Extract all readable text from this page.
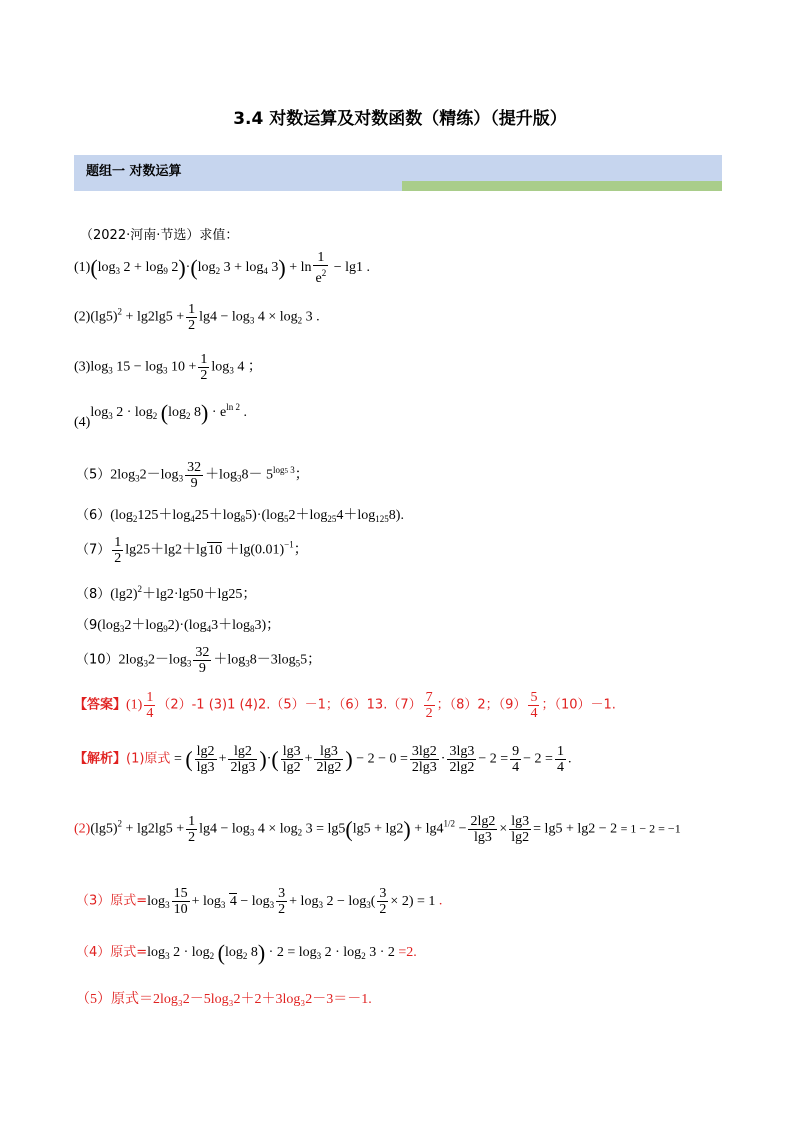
3.4 对数运算及对数函数（精练）（提升版）
题组一 对数运算
（2022·河南·节选）求值：
$(1)(\log_3$ $2 + \log_9 2)\cdot(\log_2$ $3 + \log_4 3) + \ln \frac{1}{e^2} - \lg 1$ .
$(2)(\lg 5)^2 + \lg 2\lg 5 + \frac{1}{2} \lg 4 - \log_3 4 \times \log_2 3$ .
$(3)\log_3$ $15 - \log_3 10 + \frac{1}{2} \log_3 4$ ；
$(4)\log_3$ $2 \cdot \log_2 (\log_2$ $8) \cdot e^{ln 2}$ .
$(5)2\log_32-\log_3 \frac{32}{9} +\log_38- 5^{log5 3}$；
$(6)(\log_2125+\log_425+\log_85)\cdot(\log_52+\log_{25}4+\log_{125}8)$.
$(7) \frac{1}{2} \lg 25+\lg 2+\lg 10 +\lg(0.01)^{-1}$；
$(8)(\lg 2)^2+\lg 2\cdot\lg 50+\lg 25$；
（$9(\log_32+\log_92)\cdot(\log_43+\log_83)$；
$(10)2\log_32-\log_3 \frac{32}{9} +\log_38-3\log_55$；
【答案】$(1) \frac{1}{4} (2)-1$ (3)1 (4)2.（5）－1；$(6)13.(7) \frac{7}{2}$ ；（8）2；$(9) \frac{5}{4}$ ；（10）－1.
【解析】(1)原式 = ( $\frac{\lg 2}{\lg 3} + \frac{\lg 2}{2\lg 3}$ )·( $\frac{\lg 3}{\lg 2} + \frac{\lg 3}{2\lg 2}$ ) − $2 - 0 = \frac{3\lg 2}{2\lg 3} \cdot \frac{3\lg 3}{2\lg 2} - 2 = \frac{9}{4} - 2 = \frac{1}{4}$ .
$(2)(\lg 5)^2 + \lg 2\lg 5 + \frac{1}{2} \lg 4 - \log_3 4 \times \log_2 3 = \lg 5(\lg 5 + \lg 2) + \lg 4^{1/2} - \frac{2\lg 2}{\lg 3} \times \frac{\lg 3}{\lg 2} = \lg 5 + \lg 2 - 2 = 1 - 2 = -1$
（3）原式$=\log_3 \frac{15}{10} + \log_3 4 - \log_3 \frac{3}{2} + \log_3 2 - \log_3( \frac{3}{2} \times 2) = 1$ .
（4）原式$=\log_3$ $2 \cdot \log_2 (\log_2$ $8) \cdot 2 = \log_3 2 \cdot \log_2 3 \cdot 2 =2$.
（5）原式＝2log₃2－5log₃2＋2＋3log₃2－3＝－1.
